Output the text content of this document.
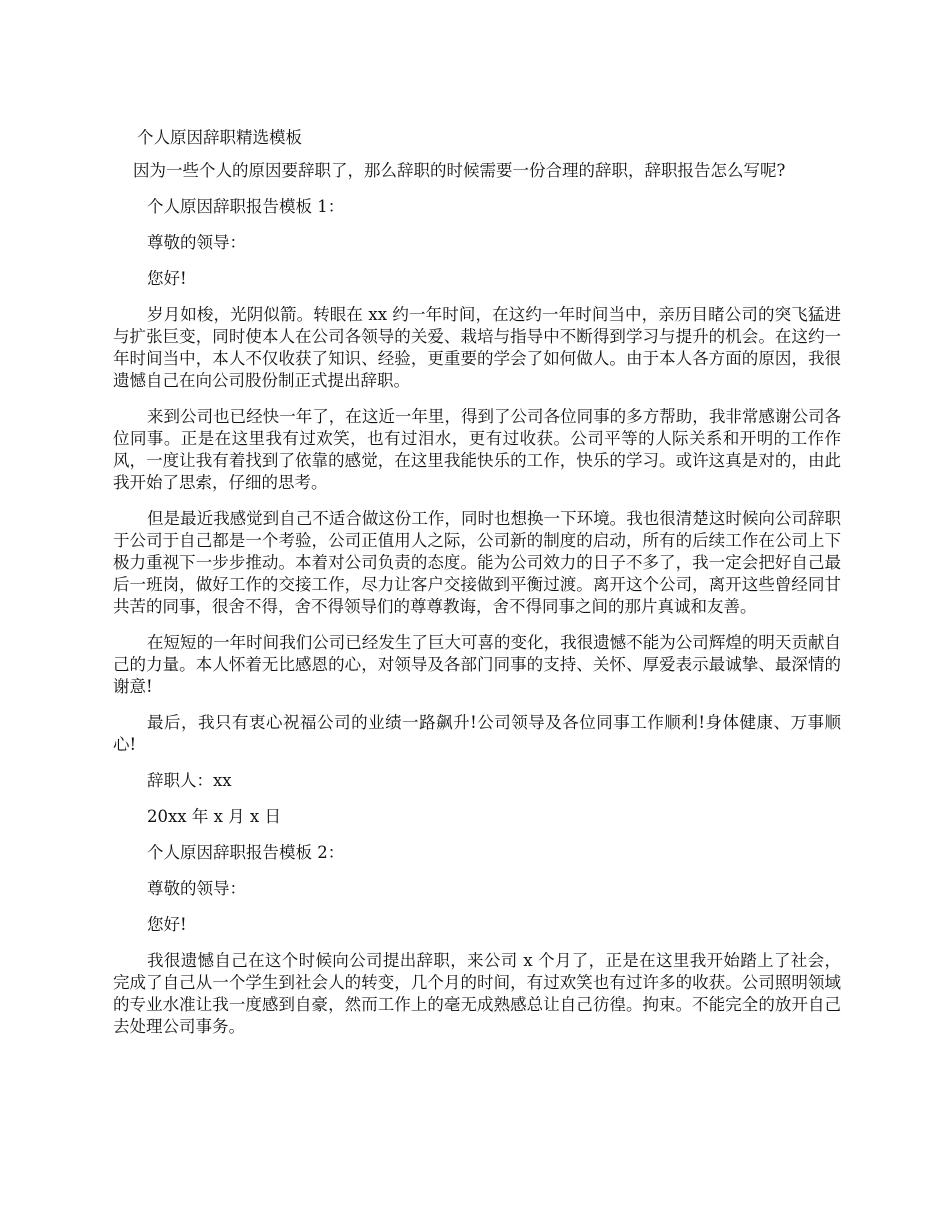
个人原因辞职精选模板

因为一些个人的原因要辞职了，那么辞职的时候需要一份合理的辞职，辞职报告怎么写呢?

个人原因辞职报告模板 1：

尊敬的领导：

您好!

岁月如梭，光阴似箭。转眼在 xx 约一年时间，在这约一年时间当中，亲历目睹公司的突飞猛进与扩张巨变，同时使本人在公司各领导的关爱、栽培与指导中不断得到学习与提升的机会。在这约一年时间当中，本人不仅收获了知识、经验，更重要的学会了如何做人。由于本人各方面的原因，我很遗憾自己在向公司股份制正式提出辞职。

来到公司也已经快一年了，在这近一年里，得到了公司各位同事的多方帮助，我非常感谢公司各位同事。正是在这里我有过欢笑，也有过泪水，更有过收获。公司平等的人际关系和开明的工作作风，一度让我有着找到了依靠的感觉，在这里我能快乐的工作，快乐的学习。或许这真是对的，由此我开始了思索，仔细的思考。

但是最近我感觉到自己不适合做这份工作，同时也想换一下环境。我也很清楚这时候向公司辞职于公司于自己都是一个考验，公司正值用人之际，公司新的制度的启动，所有的后续工作在公司上下极力重视下一步步推动。本着对公司负责的态度。能为公司效力的日子不多了，我一定会把好自己最后一班岗，做好工作的交接工作，尽力让客户交接做到平衡过渡。离开这个公司，离开这些曾经同甘共苦的同事，很舍不得，舍不得领导们的尊尊教诲，舍不得同事之间的那片真诚和友善。

在短短的一年时间我们公司已经发生了巨大可喜的变化，我很遗憾不能为公司辉煌的明天贡献自己的力量。本人怀着无比感恩的心，对领导及各部门同事的支持、关怀、厚爱表示最诚挚、最深情的谢意!

最后，我只有衷心祝福公司的业绩一路飙升!公司领导及各位同事工作顺利!身体健康、万事顺心!

辞职人：xx

20xx 年 x 月 x 日

个人原因辞职报告模板 2：

尊敬的领导：

您好!

我很遗憾自己在这个时候向公司提出辞职，来公司 x 个月了，正是在这里我开始踏上了社会，完成了自己从一个学生到社会人的转变，几个月的时间，有过欢笑也有过许多的收获。公司照明领域的专业水准让我一度感到自豪，然而工作上的毫无成熟感总让自己彷徨。拘束。不能完全的放开自己去处理公司事务。
